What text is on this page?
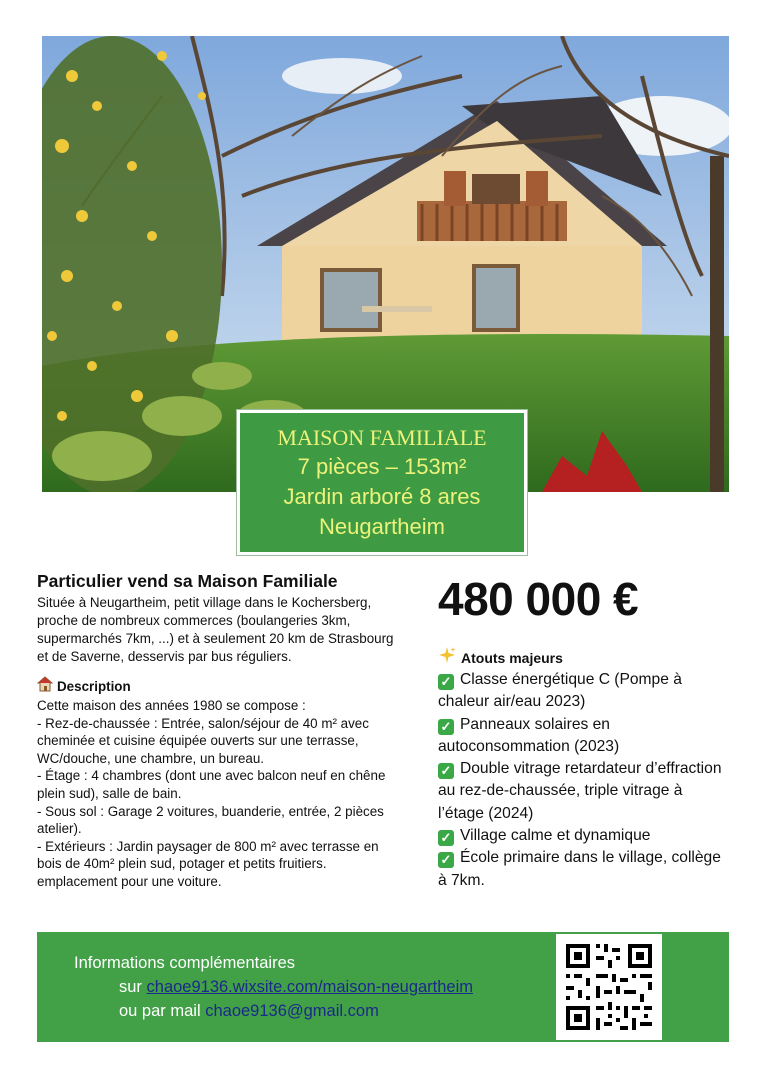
MAISON FAMILIALE
7 pièces – 153m²
Jardin arboré 8 ares
Neugartheim
Particulier vend sa Maison Familiale

Située à Neugartheim, petit village dans le Kochersberg, proche de nombreux commerces (boulangeries 3km, supermarchés 7km, ...) et à seulement 20 km de Strasbourg et de Saverne, desservis par bus réguliers.

Description
Cette maison des années 1980 se compose :
- Rez-de-chaussée : Entrée, salon/séjour de 40 m² avec cheminée et cuisine équipée ouverts sur une terrasse, WC/douche, une chambre, un bureau.
- Étage : 4 chambres (dont une avec balcon neuf en chêne plein sud), salle de bain.
- Sous sol : Garage 2 voitures, buanderie, entrée, 2 pièces atelier).
- Extérieurs : Jardin paysager de 800 m² avec terrasse en bois de 40m² plein sud, potager et petits fruitiers. emplacement pour une voiture.
480 000 €
Atouts majeurs
✓ Classe énergétique C (Pompe à chaleur air/eau 2023)
✓ Panneaux solaires en autoconsommation (2023)
✓ Double vitrage retardateur d’effraction au rez-de-chaussée, triple vitrage à l’étage (2024)
✓ Village calme et dynamique
✓ École primaire dans le village, collège à 7km.
Informations complémentaires
sur chaoe9136.wixsite.com/maison-neugartheim
ou par mail chaoe9136@gmail.com
